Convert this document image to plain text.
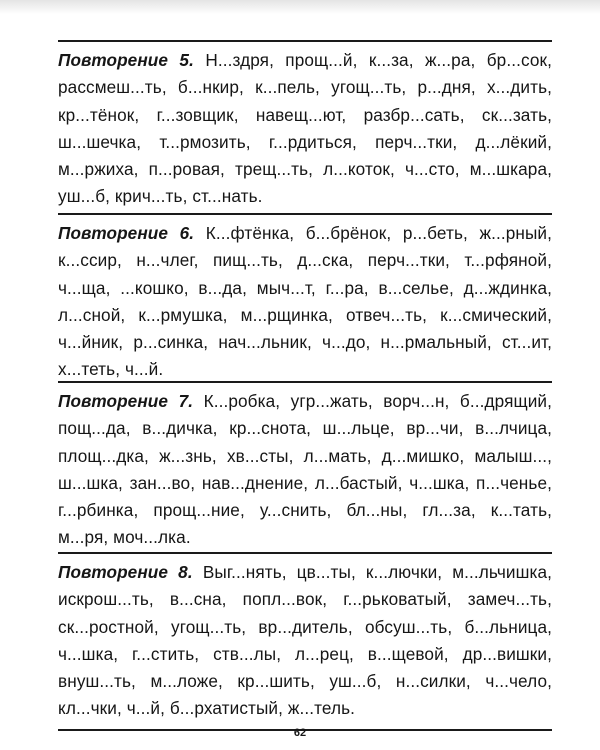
Повторение 5. Н...здря, прощ...й, к...за, ж...ра, бр...сок,
рассмеш...ть, б...нкир, к...пель, угощ...ть, р...дня, х...дить,
кр...тёнок, г...зовщик, навещ...ют, разбр...сать, ск...зать,
ш...шечка, т...рмозить, г...рдиться, перч...тки, д...лёкий,
м...ржиха, п...ровая, трещ...ть, л...коток, ч...сто, м...шкара,
уш...б, крич...ть, ст...нать.
Повторение 6. К...фтёнка, б...брёнок, р...беть, ж...рный,
к...ссир, н...члег, пищ...ть, д...ска, перч...тки, т...рфяной,
ч...ща, ...кошко, в...да, мыч...т, г...ра, в...селье, д...ждинка,
л...сной, к...рмушка, м...рщинка, отвеч...ть, к...смический,
ч...йник, р...синка, нач...льник, ч...до, н...рмальный, ст...ит,
х...теть, ч...й.
Повторение 7. К...робка, угр...жать, ворч...н, б...дрящий,
пощ...да, в...дичка, кр...снота, ш...льце, вр...чи, в...лчица,
площ...дка, ж...знь, хв...сты, л...мать, д...мишко, малыш...,
ш...шка, зан...во, нав...днение, л...бастый, ч...шка, п...ченье,
г...рбинка, прощ...ние, у...снить, бл...ны, гл...за, к...тать,
м...ря, моч...лка.
Повторение 8. Выг...нять, цв...ты, к...лючки, м...льчишка,
искрош...ть, в...сна, попл...вок, г...рьковатый, замеч...ть,
ск...ростной, угощ...ть, вр...дитель, обсуш...ть, б...льница,
ч...шка, г...стить, ств...лы, л...рец, в...щевой, др...вишки,
внуш...ть, м...ложе, кр...шить, уш...б, н...силки, ч...чело,
кл...чки, ч...й, б...рхатистый, ж...тель.
62
